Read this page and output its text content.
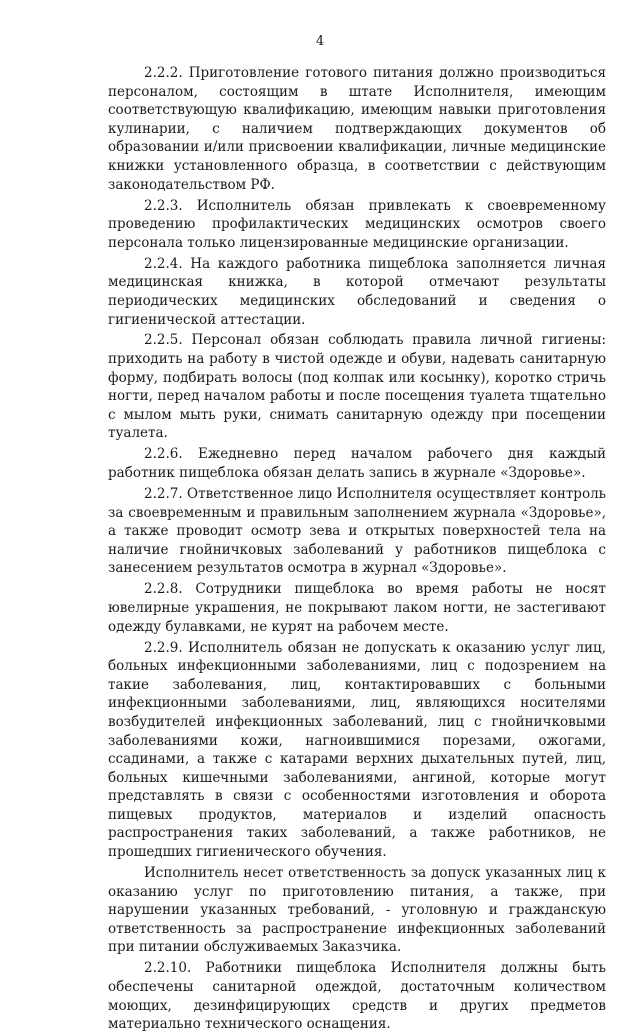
4

2.2.2. Приготовление готового питания должно производиться персоналом, состоящим в штате Исполнителя, имеющим соответствующую квалификацию, имеющим навыки приготовления кулинарии, с наличием подтверждающих документов об образовании и/или присвоении квалификации, личные медицинские книжки установленного образца, в соответствии с действующим законодательством РФ.

2.2.3. Исполнитель обязан привлекать к своевременному проведению профилактических медицинских осмотров своего персонала только лицензированные медицинские организации.

2.2.4. На каждого работника пищеблока заполняется личная медицинская книжка, в которой отмечают результаты периодических медицинских обследований и сведения о гигиенической аттестации.

2.2.5. Персонал обязан соблюдать правила личной гигиены: приходить на работу в чистой одежде и обуви, надевать санитарную форму, подбирать волосы (под колпак или косынку), коротко стричь ногти, перед началом работы и после посещения туалета тщательно с мылом мыть руки, снимать санитарную одежду при посещении туалета.

2.2.6. Ежедневно перед началом рабочего дня каждый работник пищеблока обязан делать запись в журнале «Здоровье».

2.2.7. Ответственное лицо Исполнителя осуществляет контроль за своевременным и правильным заполнением журнала «Здоровье», а также проводит осмотр зева и открытых поверхностей тела на наличие гнойничковых заболеваний у работников пищеблока с занесением результатов осмотра в журнал «Здоровье».

2.2.8. Сотрудники пищеблока во время работы не носят ювелирные украшения, не покрывают лаком ногти, не застегивают одежду булавками, не курят на рабочем месте.

2.2.9. Исполнитель обязан не допускать к оказанию услуг лиц, больных инфекционными заболеваниями, лиц с подозрением на такие заболевания, лиц, контактировавших с больными инфекционными заболеваниями, лиц, являющихся носителями возбудителей инфекционных заболеваний, лиц с гнойничковыми заболеваниями кожи, нагноившимися порезами, ожогами, ссадинами, а также с катарами верхних дыхательных путей, лиц, больных кишечными заболеваниями, ангиной, которые могут представлять в связи с особенностями изготовления и оборота пищевых продуктов, материалов и изделий опасность распространения таких заболеваний, а также работников, не прошедших гигиенического обучения.

Исполнитель несет ответственность за допуск указанных лиц к оказанию услуг по приготовлению питания, а также, при нарушении указанных требований, - уголовную и гражданскую ответственность за распространение инфекционных заболеваний при питании обслуживаемых Заказчика.

2.2.10. Работники пищеблока Исполнителя должны быть обеспечены санитарной одеждой, достаточным количеством моющих, дезинфицирующих средств и других предметов материально технического оснащения.
